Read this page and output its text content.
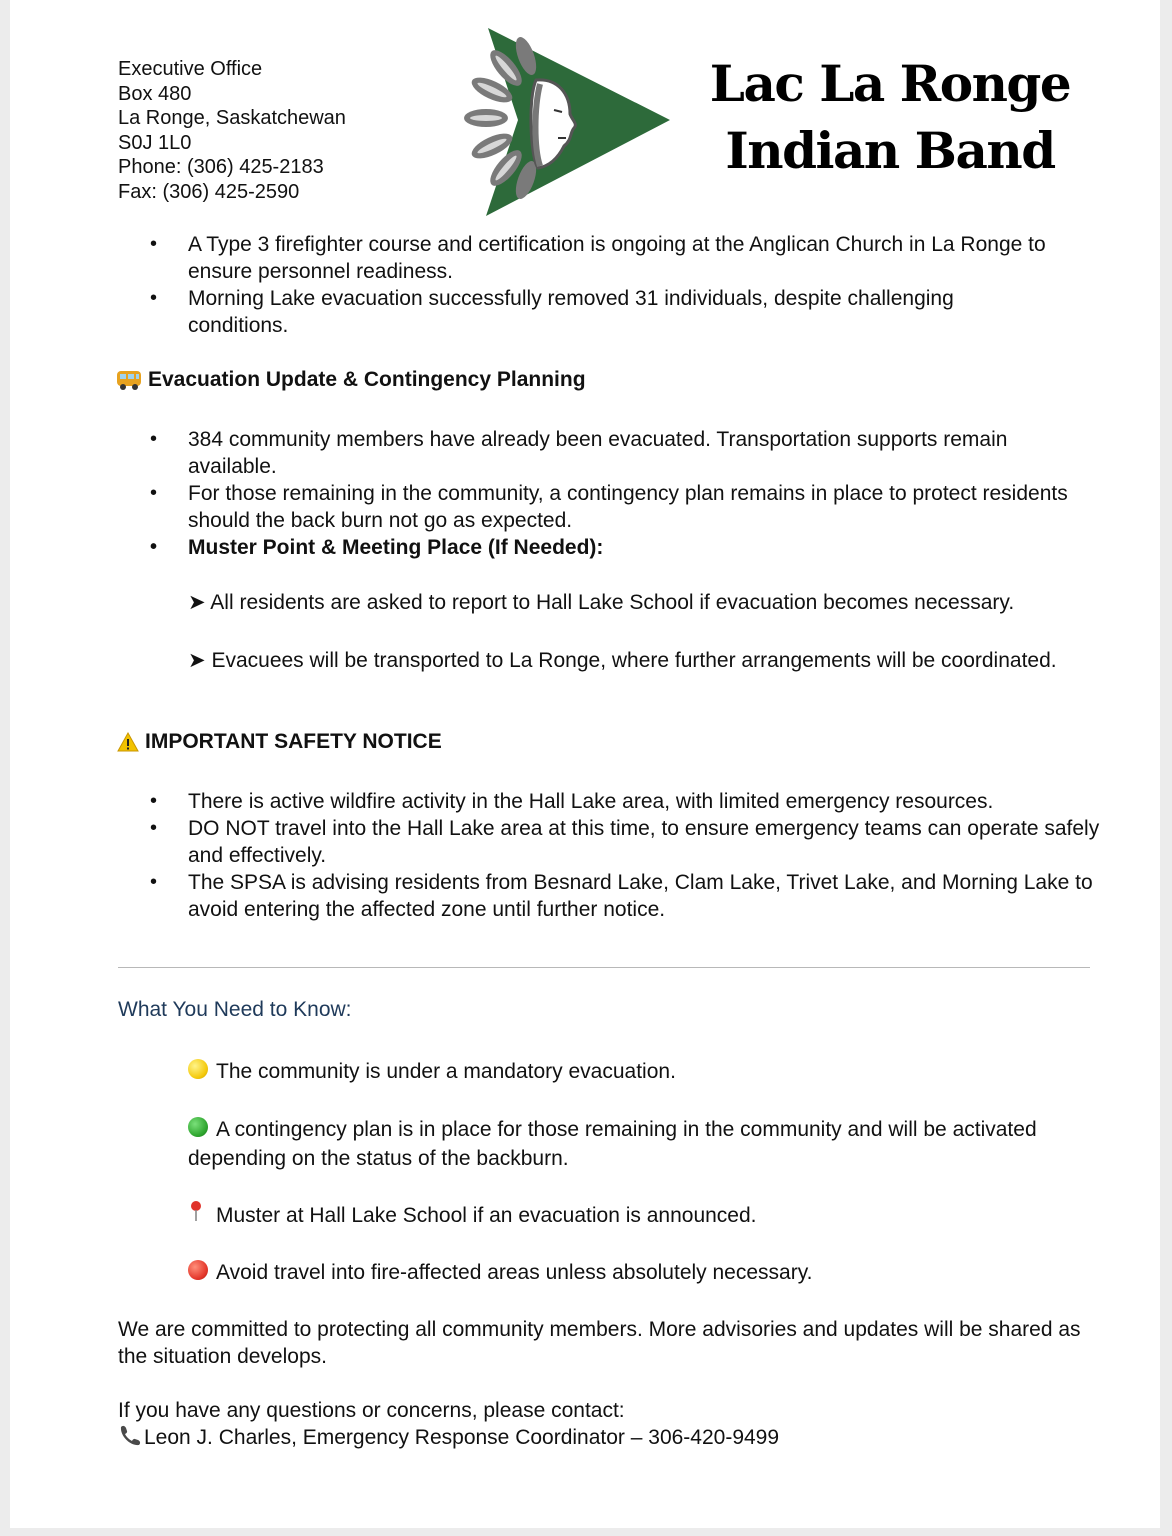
Executive Office
Box 480
La Ronge, Saskatchewan
S0J 1L0
Phone: (306) 425-2183
Fax: (306) 425-2590
Lac La Ronge
Indian Band
• A Type 3 firefighter course and certification is ongoing at the Anglican Church in La Ronge to ensure personnel readiness.
• Morning Lake evacuation successfully removed 31 individuals, despite challenging conditions.
Evacuation Update & Contingency Planning
• 384 community members have already been evacuated. Transportation supports remain available.
• For those remaining in the community, a contingency plan remains in place to protect residents should the back burn not go as expected.
• Muster Point & Meeting Place (If Needed):
➤ All residents are asked to report to Hall Lake School if evacuation becomes necessary.
➤ Evacuees will be transported to La Ronge, where further arrangements will be coordinated.
IMPORTANT SAFETY NOTICE
• There is active wildfire activity in the Hall Lake area, with limited emergency resources.
• DO NOT travel into the Hall Lake area at this time, to ensure emergency teams can operate safely and effectively.
• The SPSA is advising residents from Besnard Lake, Clam Lake, Trivet Lake, and Morning Lake to avoid entering the affected zone until further notice.
What You Need to Know:
The community is under a mandatory evacuation.
A contingency plan is in place for those remaining in the community and will be activated depending on the status of the backburn.
Muster at Hall Lake School if an evacuation is announced.
Avoid travel into fire-affected areas unless absolutely necessary.
We are committed to protecting all community members. More advisories and updates will be shared as the situation develops.
If you have any questions or concerns, please contact:
Leon J. Charles, Emergency Response Coordinator – 306-420-9499
